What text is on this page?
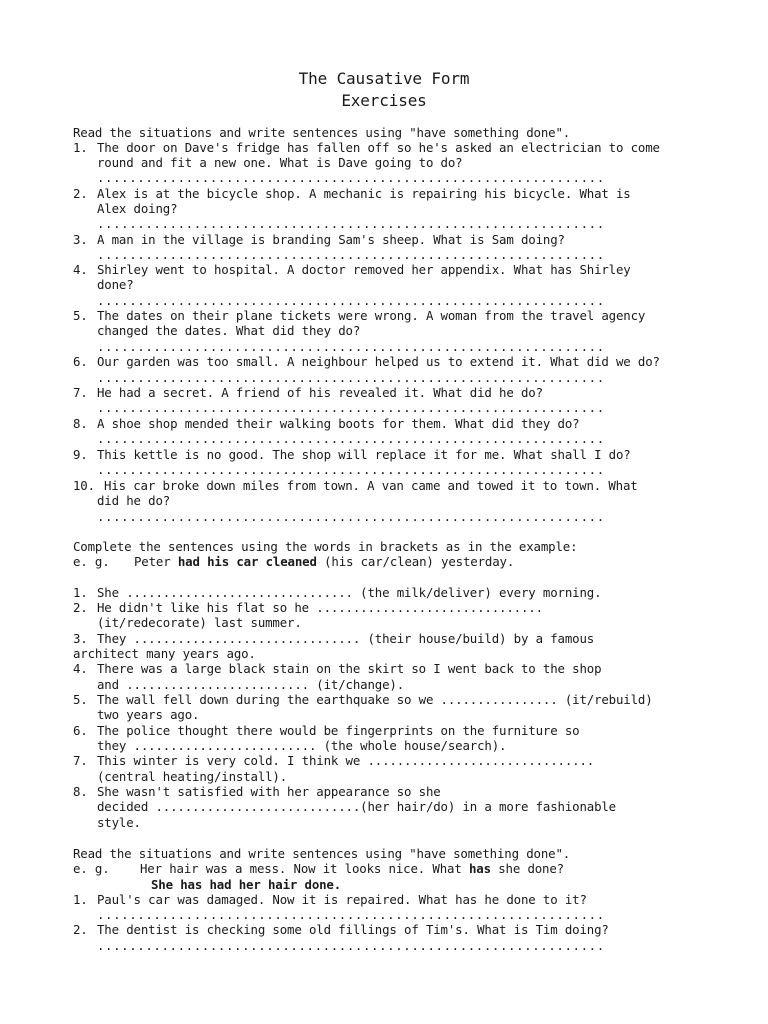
The Causative Form
Exercises
Read the situations and write sentences using "have something done".
1. The door on Dave's fridge has fallen off so he's asked an electrician to come
round and fit a new one. What is Dave going to do?
...............................................................
2. Alex is at the bicycle shop. A mechanic is repairing his bicycle. What is
Alex doing?
...............................................................
3. A man in the village is branding Sam's sheep. What is Sam doing?
...............................................................
4. Shirley went to hospital. A doctor removed her appendix. What has Shirley
done?
...............................................................
5. The dates on their plane tickets were wrong. A woman from the travel agency
changed the dates. What did they do?
...............................................................
6. Our garden was too small. A neighbour helped us to extend it. What did we do?
...............................................................
7. He had a secret. A friend of his revealed it. What did he do?
...............................................................
8. A shoe shop mended their walking boots for them. What did they do?
...............................................................
9. This kettle is no good. The shop will replace it for me. What shall I do?
...............................................................
10. His car broke down miles from town. A van came and towed it to town. What
did he do?
...............................................................
Complete the sentences using the words in brackets as in the example:
e. g. Peter had his car cleaned (his car/clean) yesterday.
1. She ............................... (the milk/deliver) every morning.
2. He didn't like his flat so he ...............................
(it/redecorate) last summer.
3. They ............................... (their house/build) by a famous
architect many years ago.
4. There was a large black stain on the skirt so I went back to the shop
and ......................... (it/change).
5. The wall fell down during the earthquake so we ................ (it/rebuild)
two years ago.
6. The police thought there would be fingerprints on the furniture so
they ......................... (the whole house/search).
7. This winter is very cold. I think we ...............................
(central heating/install).
8. She wasn't satisfied with her appearance so she
decided ............................(her hair/do) in a more fashionable
style.
Read the situations and write sentences using "have something done".
e. g. Her hair was a mess. Now it looks nice. What has she done?
She has had her hair done.
1. Paul's car was damaged. Now it is repaired. What has he done to it?
...............................................................
2. The dentist is checking some old fillings of Tim's. What is Tim doing?
...............................................................
